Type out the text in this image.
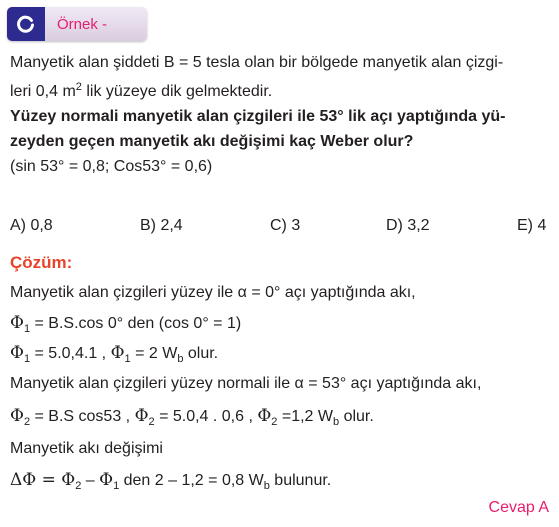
Örnek -
Manyetik alan şiddeti B = 5 tesla olan bir bölgede manyetik alan çizgi-
leri 0,4 $m^2$ lik yüzeye dik gelmektedir.
Yüzey normali manyetik alan çizgileri ile 53° lik açı yaptığında yü-
zeyden geçen manyetik akı değişimi kaç Weber olur?
(sin 53° = 0,8; Cos53° = 0,6)
A) 0,8	B) 2,4	C) 3	D) 3,2	E) 4
Çözüm:
Manyetik alan çizgileri yüzey ile α = 0° açı yaptığında akı,
$\Phi_1 = B.S.\cos$ 0° den (cos 0° = 1)
$\Phi_1 = 5.0,4.1$ , $\Phi_1 = 2$ $W_b$ olur.
Manyetik alan çizgileri yüzey normali ile α = 53° açı yaptığında akı,
$\Phi_2 = B.S$ cos53 , $\Phi_2 = 5.0,4$ . 0,6 , $\Phi_2 =1,2$ $W_b$ olur.
Manyetik akı değişimi
$\Delta\Phi = \Phi_2 - \Phi_1$ den 2 – 1,2 = 0,8 $W_b$ bulunur.
Cevap A
